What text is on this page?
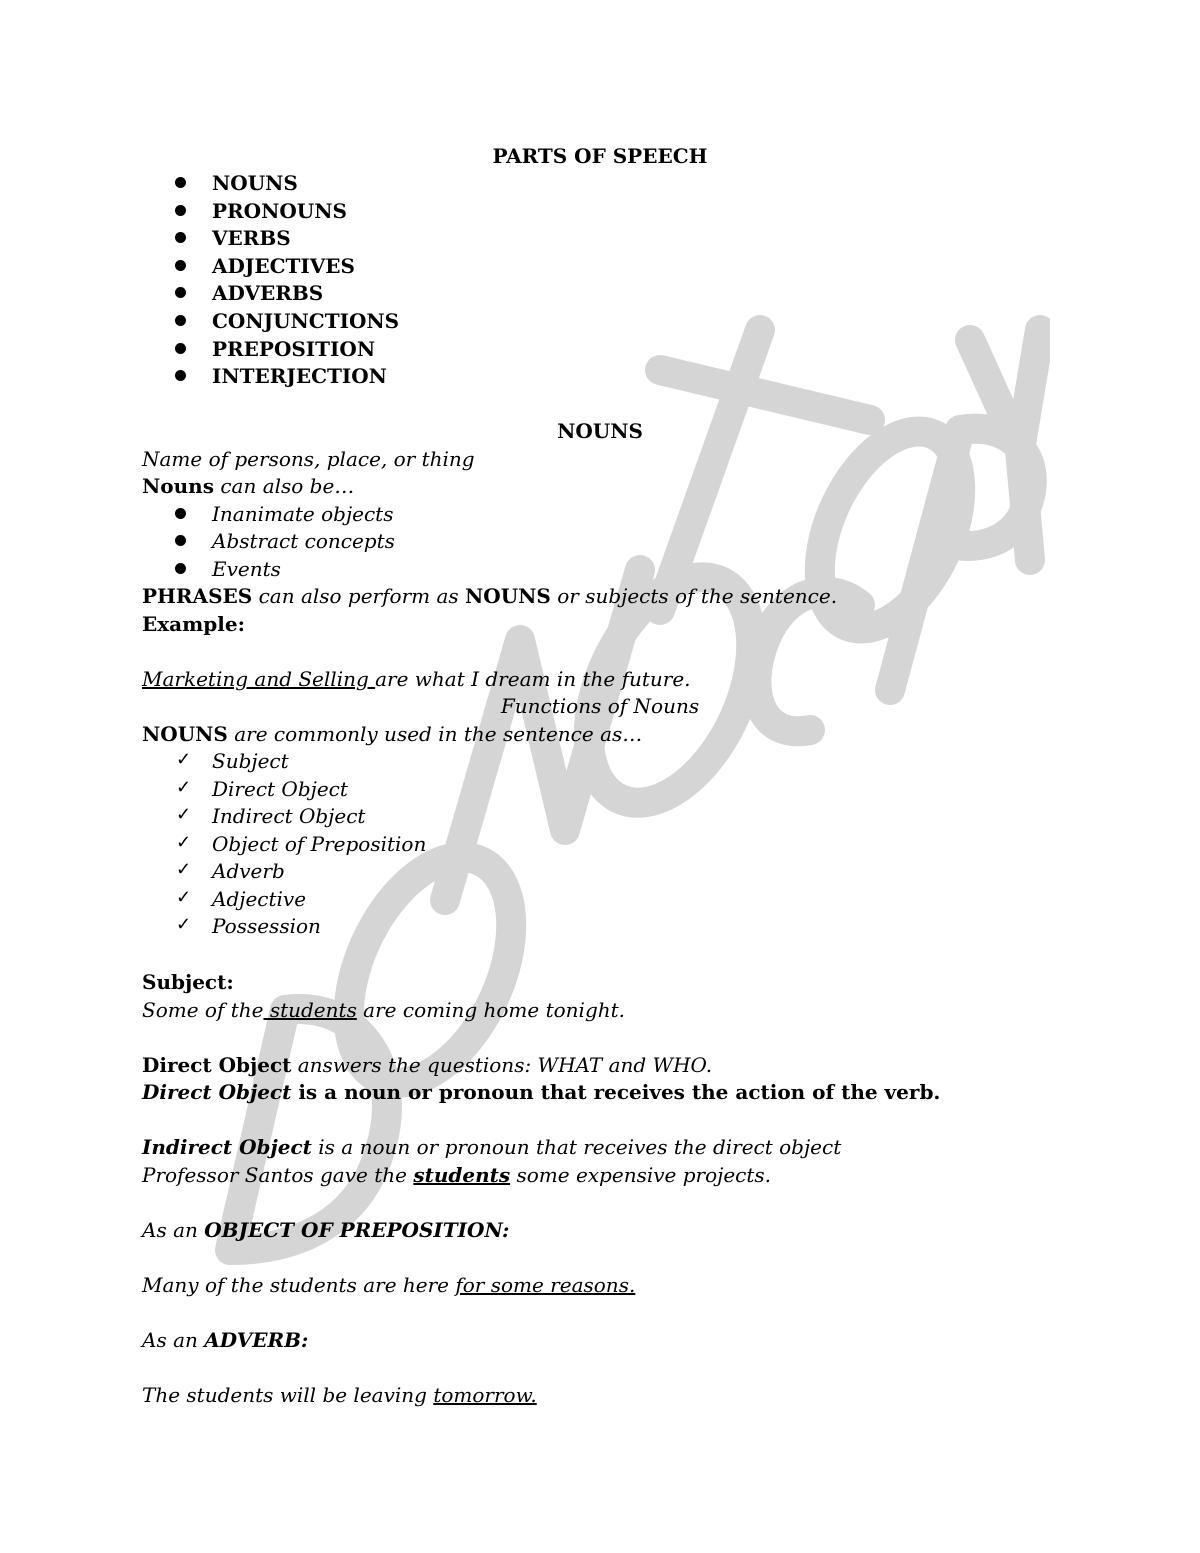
PARTS OF SPEECH
NOUNS
PRONOUNS
VERBS
ADJECTIVES
ADVERBS
CONJUNCTIONS
PREPOSITION
INTERJECTION
NOUNS
Name of persons, place, or thing
Nouns can also be…
Inanimate objects
Abstract concepts
Events
PHRASES can also perform as NOUNS or subjects of the sentence.
Example:
Marketing and Selling are what I dream in the future.
Functions of Nouns
NOUNS are commonly used in the sentence as…
✓ Subject
✓ Direct Object
✓ Indirect Object
✓ Object of Preposition
✓ Adverb
✓ Adjective
✓ Possession
Subject:
Some of the students are coming home tonight.
Direct Object answers the questions: WHAT and WHO.
Direct Object is a noun or pronoun that receives the action of the verb.
Indirect Object is a noun or pronoun that receives the direct object
Professor Santos gave the students some expensive projects.
As an OBJECT OF PREPOSITION:
Many of the students are here for some reasons.
As an ADVERB:
The students will be leaving tomorrow.
